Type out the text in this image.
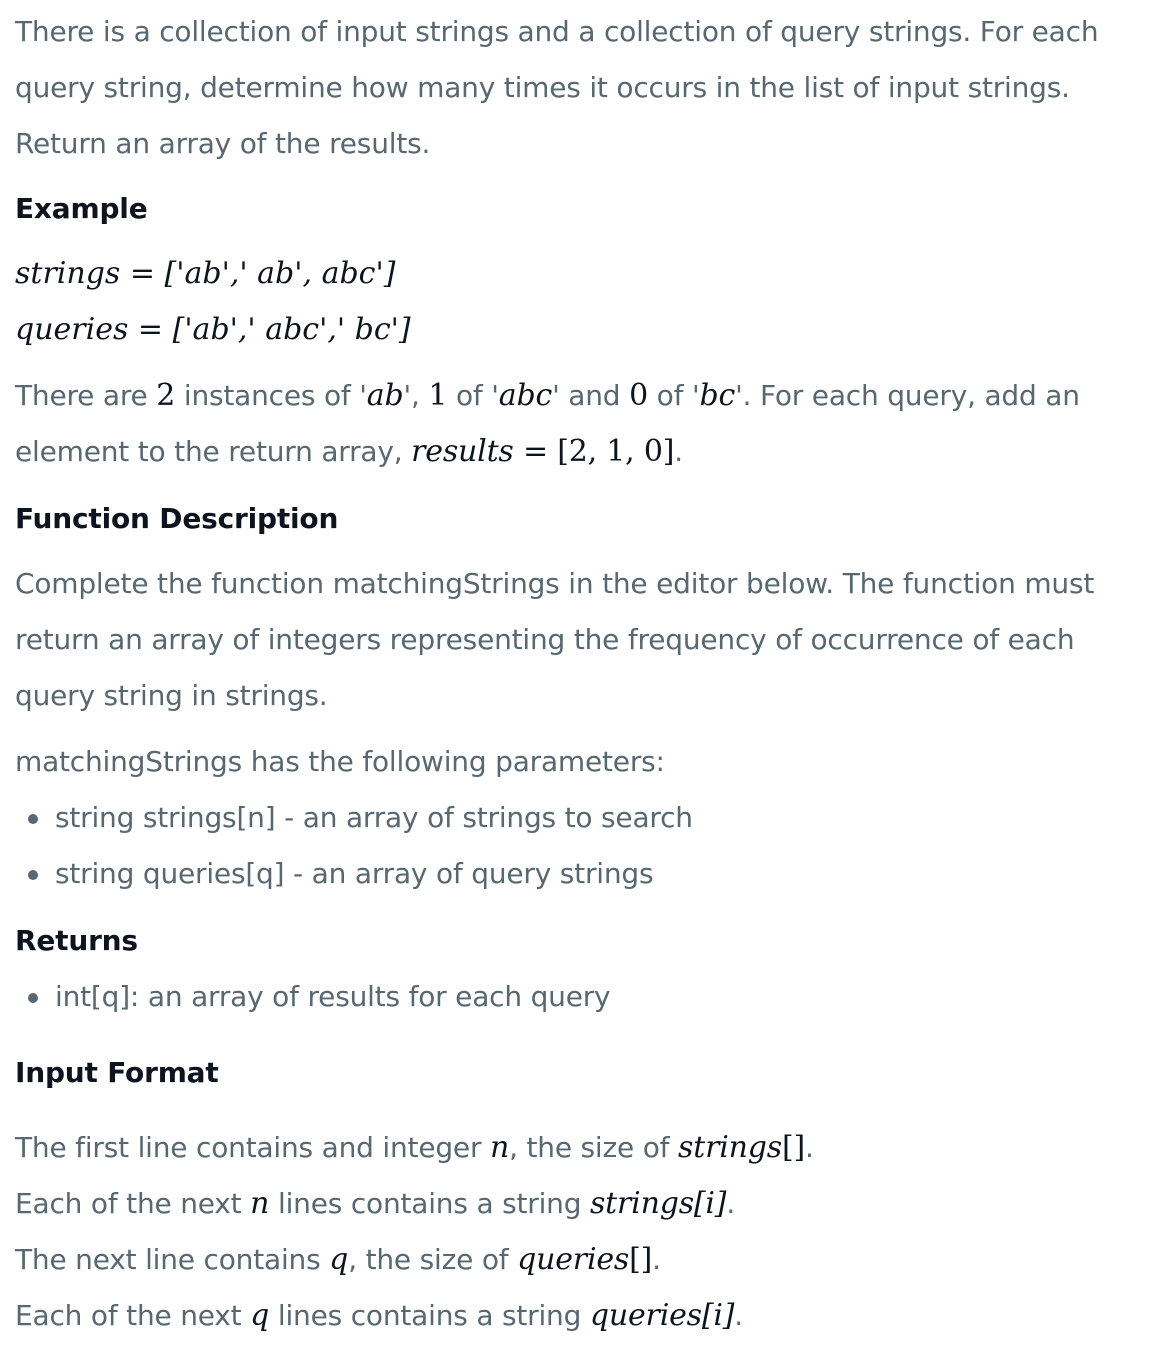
There is a collection of input strings and a collection of query strings. For each query string, determine how many times it occurs in the list of input strings. Return an array of the results.

Example
strings = ['ab',' ab', abc']
queries = ['ab',' abc',' bc']

There are 2 instances of 'ab', 1 of 'abc' and 0 of 'bc'. For each query, add an element to the return array, results = [2, 1, 0].

Function Description

Complete the function matchingStrings in the editor below. The function must return an array of integers representing the frequency of occurrence of each query string in strings.

matchingStrings has the following parameters:

string strings[n] - an array of strings to search
string queries[q] - an array of query strings
Returns
int[q]: an array of results for each query
Input Format

The first line contains and integer n, the size of strings[].

Each of the next n lines contains a string strings[i].

The next line contains q, the size of queries[].

Each of the next q lines contains a string queries[i].
